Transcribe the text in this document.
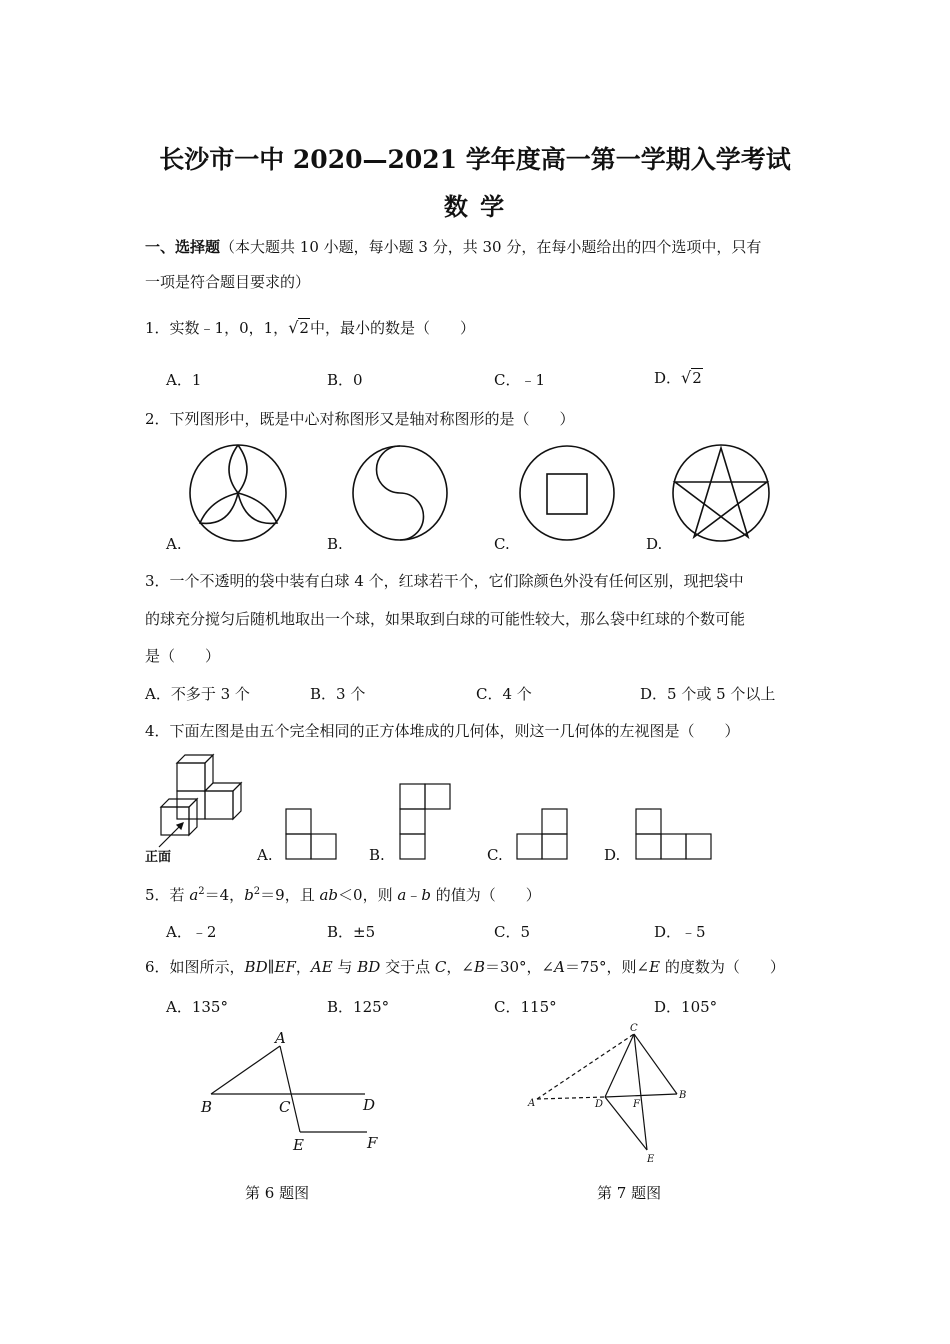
长沙市一中 2020—2021 学年度高一第一学期入学考试
数 学
一、选择题（本大题共 10 小题，每小题 3 分，共 30 分，在每小题给出的四个选项中，只有
一项是符合题目要求的）
1．实数﹣1，0，1，√2中，最小的数是（　　）
A．1	B．0	C．﹣1	D．√2
2．下列图形中，既是中心对称图形又是轴对称图形的是（　　）
A.	B.	C.	D.
3．一个不透明的袋中装有白球 4 个，红球若干个，它们除颜色外没有任何区别，现把袋中
的球充分搅匀后随机地取出一个球，如果取到白球的可能性较大，那么袋中红球的个数可能
是（　　）
A．不多于 3 个	B．3 个	C．4 个	D．5 个或 5 个以上
4．下面左图是由五个完全相同的正方体堆成的几何体，则这一几何体的左视图是（　　）
正面	A.	B.	C.	D.
5．若 $a^2=4$，$b^2=9$，且 ab＜0，则 a﹣b 的值为（　　）
A．﹣2	B．±5	C．5	D．﹣5
6．如图所示，BD∥EF，AE 与 BD 交于点 C，∠B＝30°，∠A＝75°，则∠E 的度数为（　　）
A．135°	B．125°	C．115°	D．105°
A
B	C	D
E	F
第 6 题图
C
A	D	F
B
E
第 7 题图
